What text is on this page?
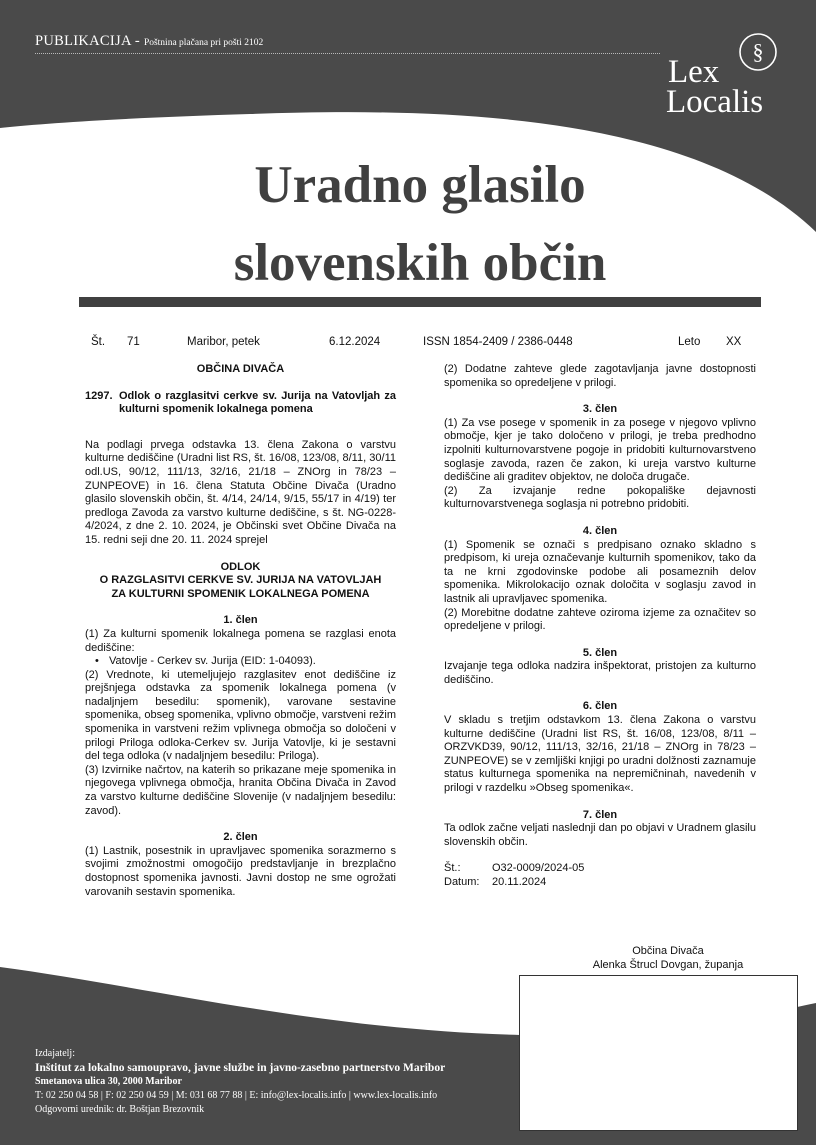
PUBLIKACIJA - Poštnina plačana pri pošti 2102	§
Lex
Localis
Uradno glasilo
slovenskih občin
Št. 71	Maribor, petek	6.12.2024	ISSN 1854-2409 / 2386-0448	Leto XX

OBČINA DIVAČA

1297. Odlok o razglasitvi cerkve sv. Jurija na Vatovljah za kulturni spomenik lokalnega pomena

Na podlagi prvega odstavka 13. člena Zakona o varstvu kulturne dediščine (Uradni list RS, št. 16/08, 123/08, 8/11, 30/11 odl.US, 90/12, 111/13, 32/16, 21/18 – ZNOrg in 78/23 – ZUNPEOVE) in 16. člena Statuta Občine Divača (Uradno glasilo slovenskih občin, št. 4/14, 24/14, 9/15, 55/17 in 4/19) ter predloga Zavoda za varstvo kulturne dediščine, s št. NG-0228-4/2024, z dne 2. 10. 2024, je Občinski svet Občine Divača na 15. redni seji dne 20. 11. 2024 sprejel

ODLOK

O RAZGLASITVI CERKVE SV. JURIJA NA VATOVLJAH

ZA KULTURNI SPOMENIK LOKALNEGA POMENA

1. člen

(1) Za kulturni spomenik lokalnega pomena se razglasi enota dediščine:

• Vatovlje - Cerkev sv. Jurija (EID: 1-04093).

(2) Vrednote, ki utemeljujejo razglasitev enot dediščine iz prejšnjega odstavka za spomenik lokalnega pomena (v nadaljnjem besedilu: spomenik), varovane sestavine spomenika, obseg spomenika, vplivno območje, varstveni režim spomenika in varstveni režim vplivnega območja so določeni v prilogi Priloga odloka-Cerkev sv. Jurija Vatovlje, ki je sestavni del tega odloka (v nadaljnjem besedilu: Priloga).

(3) Izvirnike načrtov, na katerih so prikazane meje spomenika in njegovega vplivnega območja, hranita Občina Divača in Zavod za varstvo kulturne dediščine Slovenije (v nadaljnjem besedilu: zavod).

2. člen

(1) Lastnik, posestnik in upravljavec spomenika sorazmerno s svojimi zmožnostmi omogočijo predstavljanje in brezplačno dostopnost spomenika javnosti. Javni dostop ne sme ogrožati varovanih sestavin spomenika.

(2) Dodatne zahteve glede zagotavljanja javne dostopnosti spomenika so opredeljene v prilogi.

3. člen

(1) Za vse posege v spomenik in za posege v njegovo vplivno območje, kjer je tako določeno v prilogi, je treba predhodno izpolniti kulturnovarstvene pogoje in pridobiti kulturnovarstveno soglasje zavoda, razen če zakon, ki ureja varstvo kulturne dediščine ali graditev objektov, ne določa drugače.

(2) Za izvajanje redne pokopališke dejavnosti kulturnovarstvenega soglasja ni potrebno pridobiti.

4. člen

(1) Spomenik se označi s predpisano oznako skladno s predpisom, ki ureja označevanje kulturnih spomenikov, tako da ta ne krni zgodovinske podobe ali posameznih delov spomenika. Mikrolokacijo oznak določita v soglasju zavod in lastnik ali upravljavec spomenika.

(2) Morebitne dodatne zahteve oziroma izjeme za označitev so opredeljene v prilogi.

5. člen

Izvajanje tega odloka nadzira inšpektorat, pristojen za kulturno dediščino.

6. člen

V skladu s tretjim odstavkom 13. člena Zakona o varstvu kulturne dediščine (Uradni list RS, št. 16/08, 123/08, 8/11 – ORZVKD39, 90/12, 111/13, 32/16, 21/18 – ZNOrg in 78/23 – ZUNPEOVE) se v zemljiški knjigi po uradni dolžnosti zaznamuje status kulturnega spomenika na nepremičninah, navedenih v prilogi v razdelku »Obseg spomenika«.

7. člen

Ta odlok začne veljati naslednji dan po objavi v Uradnem glasilu slovenskih občin.

Št.:	O32-0009/2024-05
Datum: 20.11.2024
Občina Divača
Alenka Štrucl Dovgan, županja
Izdajatelj:
Inštitut za lokalno samoupravo, javne službe in javno-zasebno partnerstvo Maribor
Smetanova ulica 30, 2000 Maribor
T: 02 250 04 58 | F: 02 250 04 59 | M: 031 68 77 88 | E: info@lex-localis.info | www.lex-localis.info
Odgovorni urednik: dr. Boštjan Brezovnik
